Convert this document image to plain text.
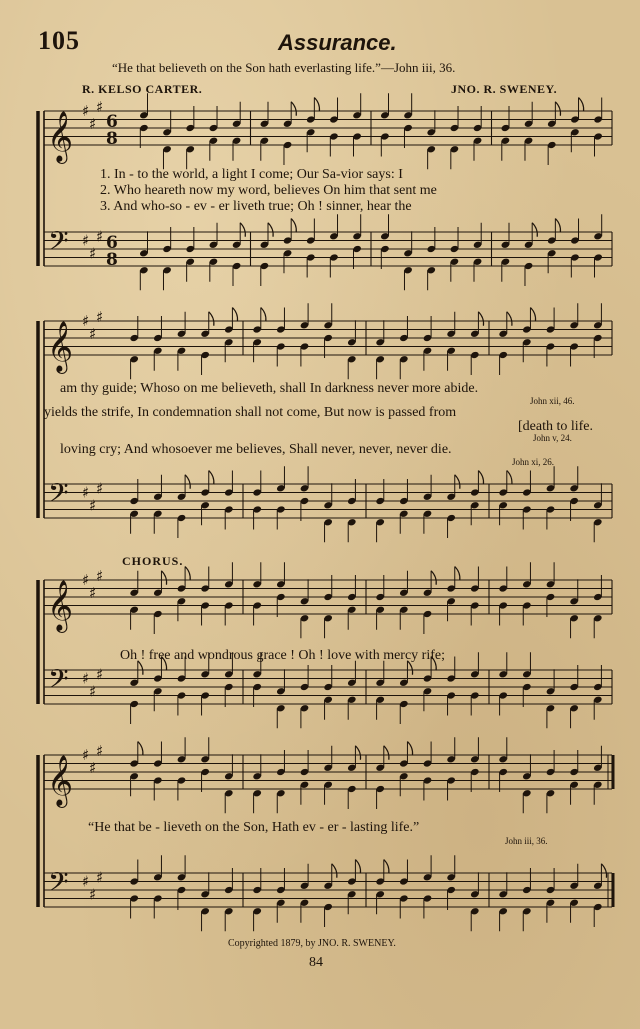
𝄞 ♯
♯
♯
6
8
𝄢 ♯
♯
♯ 6
8
𝄞 ♯
♯
♯
𝄢 ♯
♯
♯
𝄞 ♯
♯
♯
𝄢 ♯
♯
♯
𝄞 ♯
♯
♯
𝄢 ♯
♯
♯
105	Assurance.
“He that believeth on the Son hath everlasting life.”—John iii, 36.
R. KELSO CARTER.	JNO. R. SWENEY.
1. In - to the world, a light I come; Our Sa-vior says: I
2. Who heareth now my word, believes On him that sent me
3. And who-so - ev - er liveth true; Oh ! sinner, hear the
am thy guide; Whoso on me believeth, shall In darkness never more abide.
John xii, 46.
yields the strife, In condemnation shall not come, But now is passed from
[death to life.
John v, 24.
loving cry; And whosoever me believes, Shall never, never, never die.
John xi, 26.
CHORUS.
Oh ! free and wondrous grace ! Oh ! love with mercy rife;
“He that be - lieveth on the Son, Hath ev - er - lasting life.”
John iii, 36.
Copyrighted 1879, by JNO. R. SWENEY.
84
